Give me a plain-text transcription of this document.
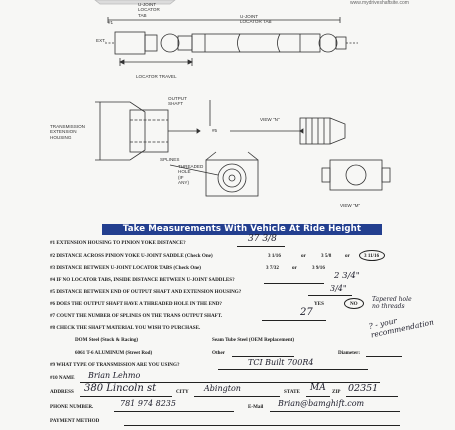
www.mydriveshaftsite.com
U-JOINT
LOCATOR
TAB	U-JOINT
LOCATOR TAB
EXT.
LOCATOR TRAVEL
OUTPUT
SHAFT
#1
#5
VIEW "N"
TRANSMISSION
EXTENSION
HOUSING
SPLINES
THREADED
HOLE
(IF
ANY)
VIEW "M"
Take Measurements With Vehicle At Ride Height
#1 EXTENSION HOUSING TO PINION YOKE DISTANCE?	37 3/8
#2 DISTANCE ACROSS PINION YOKE U-JOINT SADDLE (Check One)	3 1/16	or	3 5/8	or	3 11/16
#3 DISTANCE BETWEEN U-JOINT LOCATOR TABS (Check One)	3 7/32	or	3 9/16
#4 IF NO LOCATOR TABS, INSIDE DISTANCE BETWEEN U-JOINT SADDLES?	2 3/4"
#5 DISTANCE BETWEEN END OF OUTPUT SHAFT AND EXTENSION HOUSING?	3/4"
#6 DOES THE OUTPUT SHAFT HAVE A THREADED HOLE IN THE END?	YES	NO
Tapered hole
no threads
#7 COUNT THE NUMBER OF SPLINES ON THE TRANS OUTPUT SHAFT.	27
#8 CHECK THE SHAFT MATERIAL YOU WISH TO PURCHASE.
DOM Steel (Stock & Racing)	Seam Tube Steel (OEM Replacement)
6061 T-6 ALUMINUM (Street Rod)	Other	Diameter:
? - your
recommendation
#9 WHAT TYPE OF TRANSMISSION ARE YOU USING?	TCI Built 700R4
#10 NAME Brian Lehmo
ADDRESS 380 Lincoln st	CITY Abington	STATE MA ZIP 02351
PHONE NUMBER.	781 974 8235	E-Mail Brian@bamghift.com
PAYMENT METHOD
